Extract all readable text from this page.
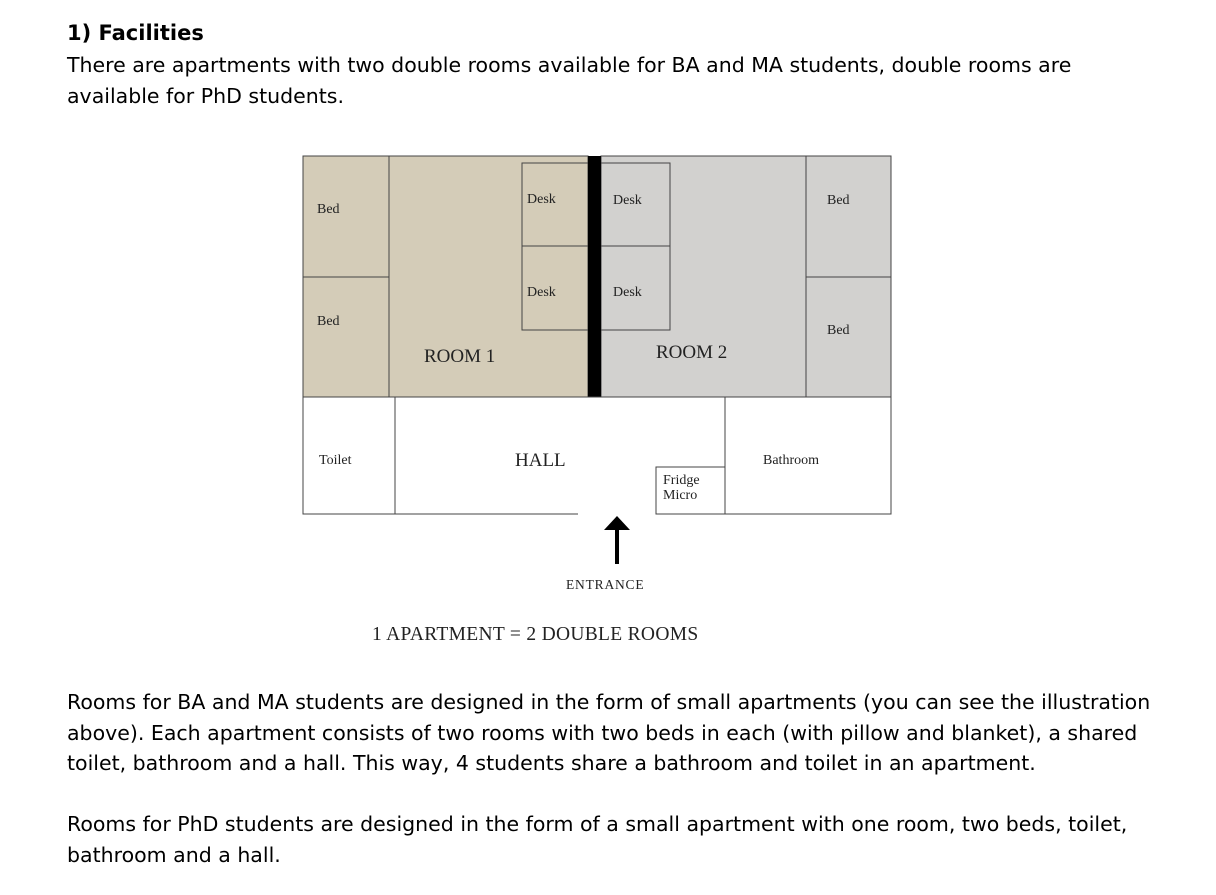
1) Facilities
There are apartments with two double rooms available for BA and MA students, double rooms are available for PhD students.
Bed
Bed
Desk
Desk
Desk
Desk
Bed
Bed
ROOM 1	ROOM 2
Toilet	HALL	Bathroom
Fridge
Micro
ENTRANCE
1 APARTMENT = 2 DOUBLE ROOMS
Rooms for BA and MA students are designed in the form of small apartments (you can see the illustration above). Each apartment consists of two rooms with two beds in each (with pillow and blanket), a shared toilet, bathroom and a hall. This way, 4 students share a bathroom and toilet in an apartment.
Rooms for PhD students are designed in the form of a small apartment with one room, two beds, toilet, bathroom and a hall.
